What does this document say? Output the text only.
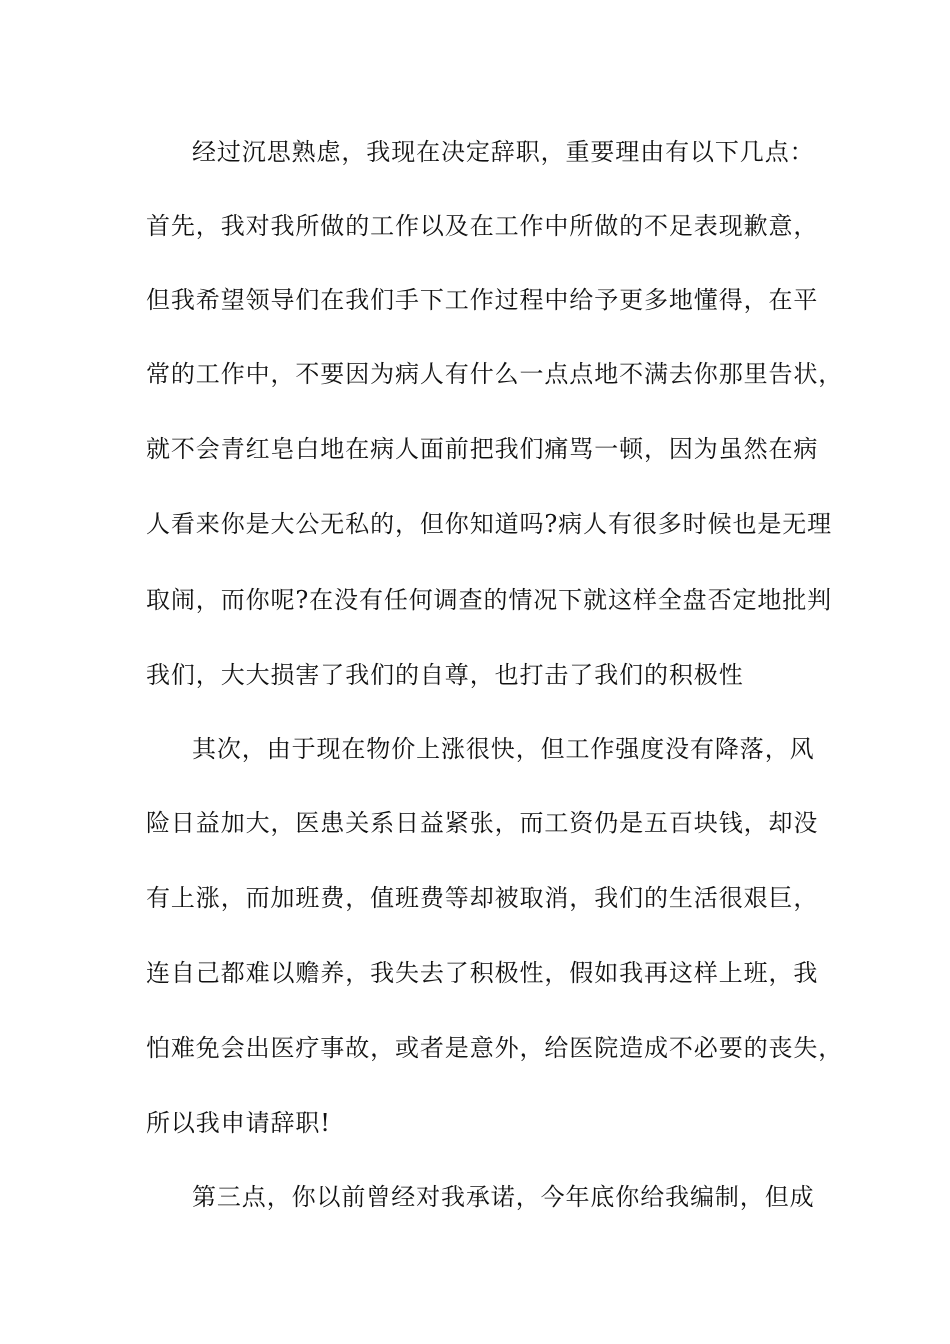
经过沉思熟虑，我现在决定辞职，重要理由有以下几点：
首先，我对我所做的工作以及在工作中所做的不足表现歉意，
但我希望领导们在我们手下工作过程中给予更多地懂得，在平
常的工作中，不要因为病人有什么一点点地不满去你那里告状，
就不会青红皂白地在病人面前把我们痛骂一顿，因为虽然在病
人看来你是大公无私的，但你知道吗?病人有很多时候也是无理
取闹，而你呢?在没有任何调查的情况下就这样全盘否定地批判
我们，大大损害了我们的自尊，也打击了我们的积极性
其次，由于现在物价上涨很快，但工作强度没有降落，风
险日益加大，医患关系日益紧张，而工资仍是五百块钱，却没
有上涨，而加班费，值班费等却被取消，我们的生活很艰巨，
连自己都难以赡养，我失去了积极性，假如我再这样上班，我
怕难免会出医疗事故，或者是意外，给医院造成不必要的丧失，
所以我申请辞职!
第三点，你以前曾经对我承诺，今年底你给我编制，但成
